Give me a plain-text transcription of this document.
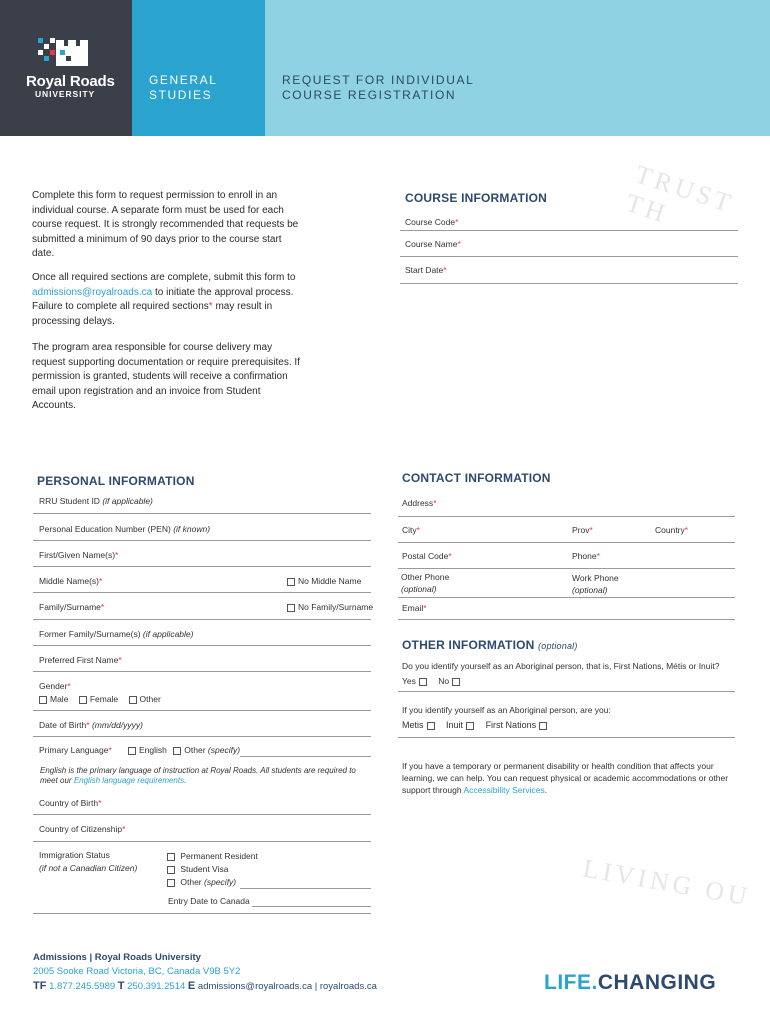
Royal Roads
UNIVERSITY
GENERAL
STUDIES
REQUEST FOR INDIVIDUAL
COURSE REGISTRATION
TRUST TH
LIVING OU
Complete this form to request permission to enroll in an individual course. A separate form must be used for each course request. It is strongly recommended that requests be submitted a minimum of 90 days prior to the course start date.
Once all required sections are complete, submit this form to admissions@royalroads.ca to initiate the approval process. Failure to complete all required sections* may result in processing delays.
The program area responsible for course delivery may request supporting documentation or require prerequisites. If permission is granted, students will receive a confirmation email upon registration and an invoice from Student Accounts.
COURSE INFORMATION
Course Code*
Course Name*
Start Date*
PERSONAL INFORMATION
RRU Student ID (if applicable)
Personal Education Number (PEN) (if known)
First/Given Name(s)*
Middle Name(s)*	No Middle Name
Family/Surname*	No Family/Surname
Former Family/Surname(s) (if applicable)
Preferred First Name*
Gender*
Male	Female	Other
Date of Birth* (mm/dd/yyyy)
Primary Language*	English Other (specify)
English is the primary language of instruction at Royal Roads. All students are required to meet our English language requirements.
Country of Birth*
Country of Citizenship*
Immigration Status
(if not a Canadian Citizen)
Permanent Resident
Student Visa
Other (specify)
Entry Date to Canada
CONTACT INFORMATION
Address*
City*	Prov*	Country*
Postal Code*	Phone*
Other Phone
(optional)
Work Phone
(optional)
Email*
OTHER INFORMATION (optional)
Do you identify yourself as an Aboriginal person, that is, First Nations, Métis or Inuit?
Yes	No
If you identify yourself as an Aboriginal person, are you:
Metis	Inuit	First Nations
If you have a temporary or permanent disability or health condition that affects your learning, we can help. You can request physical or academic accommodations or other support through Accessibility Services.
Admissions | Royal Roads University
2005 Sooke Road Victoria, BC, Canada V9B 5Y2
TF 1.877.245.5989 T 250.391.2514 E admissions@royalroads.ca | royalroads.ca	LIFE.CHANGING
